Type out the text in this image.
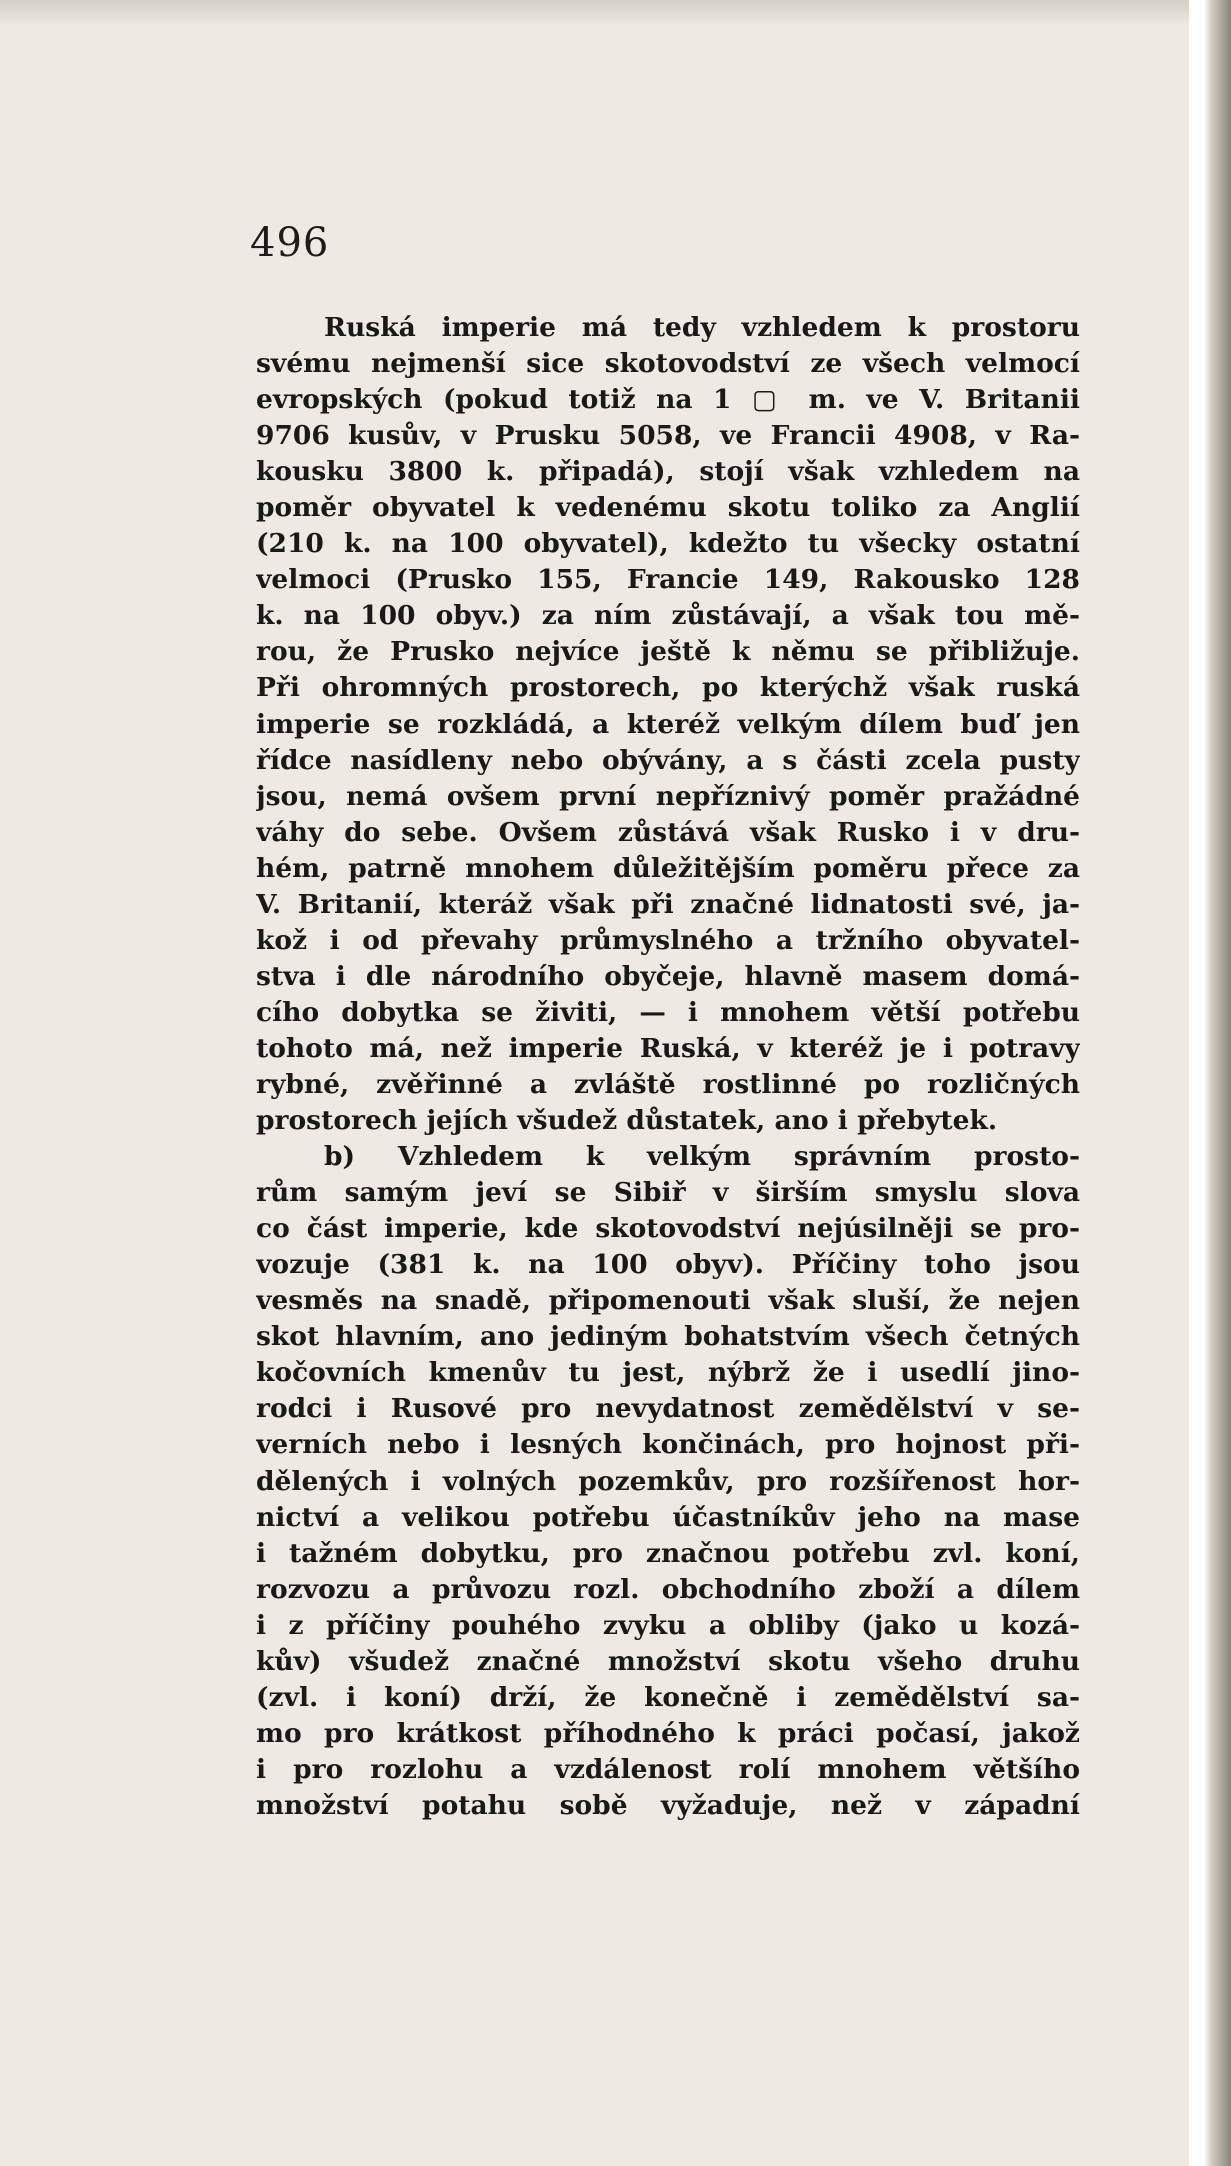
496
Ruská imperie má tedy vzhledem k prostoru
svému nejmenší sice skotovodství ze všech velmocí
evropských (pokud totiž na 1 ▢ m. ve V. Britanii
9706 kusův, v Prusku 5058, ve Francii 4908, v Ra-
kousku 3800 k. připadá), stojí však vzhledem na
poměr obyvatel k vedenému skotu toliko za Anglií
(210 k. na 100 obyvatel), kdežto tu všecky ostatní
velmoci (Prusko 155, Francie 149, Rakousko 128
k. na 100 obyv.) za ním zůstávají, a však tou mě-
rou, že Prusko nejvíce ještě k němu se přibližuje.
Při ohromných prostorech, po kterýchž však ruská
imperie se rozkládá, a kteréž velkým dílem buď jen
řídce nasídleny nebo obývány, a s části zcela pusty
jsou, nemá ovšem první nepříznivý poměr pražádné
váhy do sebe. Ovšem zůstává však Rusko i v dru-
hém, patrně mnohem důležitějším poměru přece za
V. Britanií, kteráž však při značné lidnatosti své, ja-
kož i od převahy průmyslného a tržního obyvatel-
stva i dle národního obyčeje, hlavně masem domá-
cího dobytka se živiti, — i mnohem větší potřebu
tohoto má, než imperie Ruská, v kteréž je i potravy
rybné, zvěřinné a zvláště rostlinné po rozličných
prostorech jejích všudež důstatek, ano i přebytek.
b) Vzhledem k velkým správním prosto-
rům samým jeví se Sibiř v širším smyslu slova
co část imperie, kde skotovodství nejúsilněji se pro-
vozuje (381 k. na 100 obyv). Příčiny toho jsou
vesměs na snadě, připomenouti však sluší, že nejen
skot hlavním, ano jediným bohatstvím všech četných
kočovních kmenův tu jest, nýbrž že i usedlí jino-
rodci i Rusové pro nevydatnost zemědělství v se-
verních nebo i lesných končinách, pro hojnost při-
dělených i volných pozemkův, pro rozšířenost hor-
nictví a velikou potřebu účastníkův jeho na mase
i tažném dobytku, pro značnou potřebu zvl. koní,
rozvozu a průvozu rozl. obchodního zboží a dílem
i z příčiny pouhého zvyku a obliby (jako u kozá-
kův) všudež značné množství skotu všeho druhu
(zvl. i koní) drží, že konečně i zemědělství sa-
mo pro krátkost příhodného k práci počasí, jakož
i pro rozlohu a vzdálenost rolí mnohem většího
množství potahu sobě vyžaduje, než v západní
